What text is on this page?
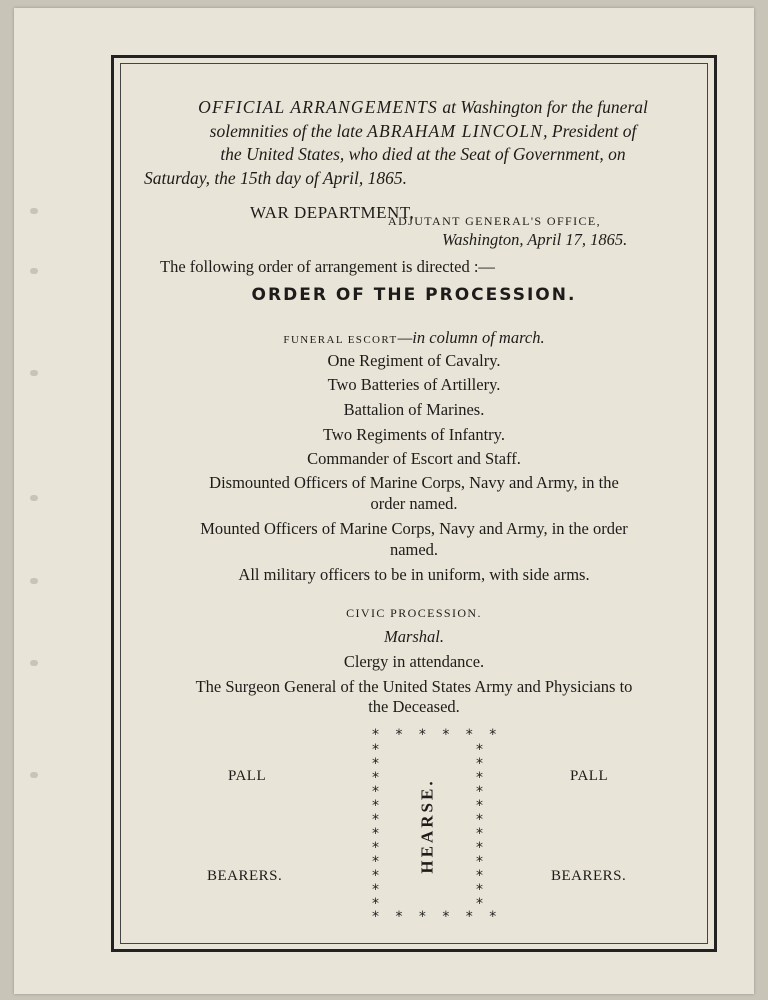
OFFICIAL ARRANGEMENTS at Washington for the funeral
solemnities of the late ABRAHAM LINCOLN, President of
the United States, who died at the Seat of Government, on
Saturday, the 15th day of April, 1865.
WAR DEPARTMENT,
ADJUTANT GENERAL'S OFFICE,
Washington, April 17, 1865.
The following order of arrangement is directed :—
ORDER OF THE PROCESSION.
FUNERAL ESCORT—in column of march.
One Regiment of Cavalry.
Two Batteries of Artillery.
Battalion of Marines.
Two Regiments of Infantry.
Commander of Escort and Staff.
Dismounted Officers of Marine Corps, Navy and Army, in the
order named.
Mounted Officers of Marine Corps, Navy and Army, in the order
named.
All military officers to be in uniform, with side arms.
CIVIC PROCESSION.
Marshal.
Clergy in attendance.
The Surgeon General of the United States Army and Physicians to
the Deceased.
* * * * * *
*
*
*
*
*
*
*
*
*
*
*
*
*
*
*
*
*
*
*
*
*
*
*
*
* * * * * *
HEARSE.
PALL	PALL
BEARERS.	BEARERS.
